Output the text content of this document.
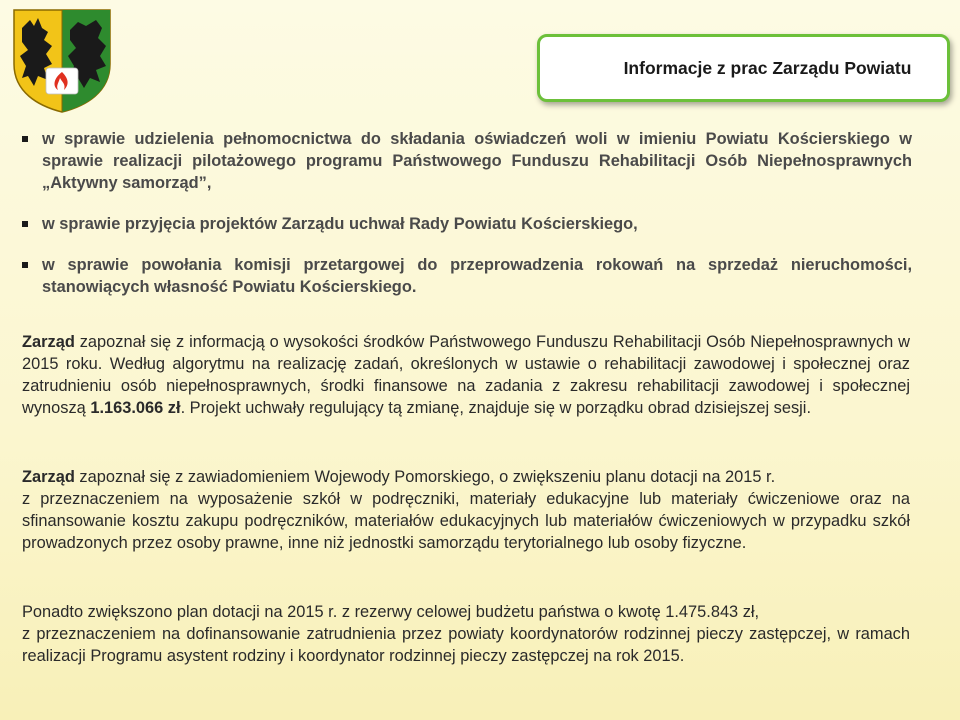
Informacje z prac Zarządu Powiatu
w sprawie udzielenia pełnomocnictwa do składania oświadczeń woli w imieniu Powiatu Kościerskiego w sprawie realizacji pilotażowego programu Państwowego Funduszu Rehabilitacji Osób Niepełnosprawnych „Aktywny samorząd”,
w sprawie przyjęcia projektów Zarządu uchwał Rady Powiatu Kościerskiego,
w sprawie powołania komisji przetargowej do przeprowadzenia rokowań na sprzedaż nieruchomości, stanowiących własność Powiatu Kościerskiego.

Zarząd zapoznał się z informacją o wysokości środków Państwowego Funduszu Rehabilitacji Osób Niepełnosprawnych w 2015 roku. Według algorytmu na realizację zadań, określonych w ustawie o rehabilitacji zawodowej i społecznej oraz zatrudnieniu osób niepełnosprawnych, środki finansowe na zadania z zakresu rehabilitacji zawodowej i społecznej wynoszą 1.163.066 zł. Projekt uchwały regulujący tą zmianę, znajduje się w porządku obrad dzisiejszej sesji.

Zarząd zapoznał się z zawiadomieniem Wojewody Pomorskiego, o zwiększeniu planu dotacji na 2015 r.
z przeznaczeniem na wyposażenie szkół w podręczniki, materiały edukacyjne lub materiały ćwiczeniowe oraz na sfinansowanie kosztu zakupu podręczników, materiałów edukacyjnych lub materiałów ćwiczeniowych w przypadku szkół prowadzonych przez osoby prawne, inne niż jednostki samorządu terytorialnego lub osoby fizyczne.
Ponadto zwiększono plan dotacji na 2015 r. z rezerwy celowej budżetu państwa o kwotę 1.475.843 zł,
z przeznaczeniem na dofinansowanie zatrudnienia przez powiaty koordynatorów rodzinnej pieczy zastępczej, w ramach realizacji Programu asystent rodziny i koordynator rodzinnej pieczy zastępczej na rok 2015.
